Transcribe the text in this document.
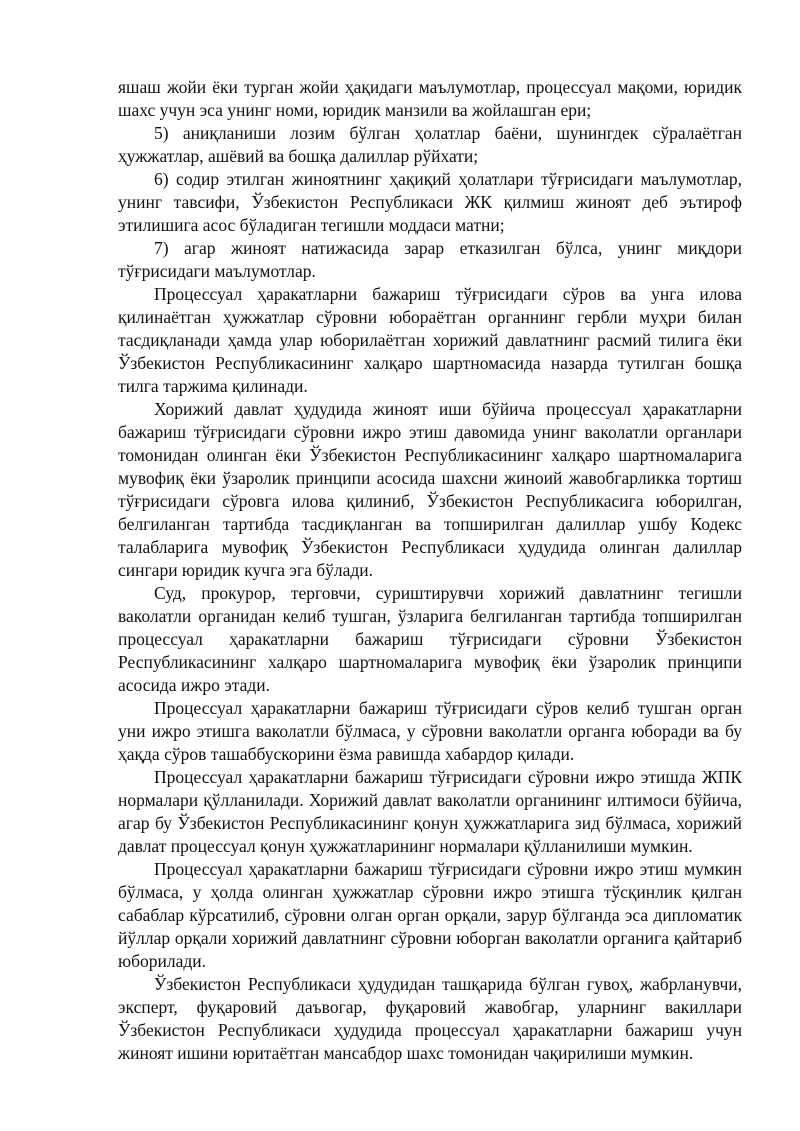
яшаш жойи ёки турган жойи ҳақидаги маълумотлар, процессуал мақоми, юридик шахс учун эса унинг номи, юридик манзили ва жойлашган ери;

5) аниқланиши лозим бўлган ҳолатлар баёни, шунингдек сўралаётган ҳужжатлар, ашёвий ва бошқа далиллар рўйхати;

6) содир этилган жиноятнинг ҳақиқий ҳолатлари тўғрисидаги маълумотлар, унинг тавсифи, Ўзбекистон Республикаси ЖК қилмиш жиноят деб эътироф этилишига асос бўладиган тегишли моддаси матни;

7) агар жиноят натижасида зарар етказилган бўлса, унинг миқдори тўғрисидаги маълумотлар.

Процессуал ҳаракатларни бажариш тўғрисидаги сўров ва унга илова қилинаётган ҳужжатлар сўровни юбораётган органнинг гербли муҳри билан тасдиқланади ҳамда улар юборилаётган хорижий давлатнинг расмий тилига ёки Ўзбекистон Республикасининг халқаро шартномасида назарда тутилган бошқа тилга таржима қилинади.

Хорижий давлат ҳудудида жиноят иши бўйича процессуал ҳаракатларни бажариш тўғрисидаги сўровни ижро этиш давомида унинг ваколатли органлари томонидан олинган ёки Ўзбекистон Республикасининг халқаро шартномаларига мувофиқ ёки ўзаролик принципи асосида шахсни жиноий жавобгарликка тортиш тўғрисидаги сўровга илова қилиниб, Ўзбекистон Республикасига юборилган, белгиланган тартибда тасдиқланган ва топширилган далиллар ушбу Кодекс талабларига мувофиқ Ўзбекистон Республикаси ҳудудида олинган далиллар сингари юридик кучга эга бўлади.

Суд, прокурор, терговчи, суриштирувчи хорижий давлатнинг тегишли ваколатли органидан келиб тушган, ўзларига белгиланган тартибда топширилган процессуал ҳаракатларни бажариш тўғрисидаги сўровни Ўзбекистон Республикасининг халқаро шартномаларига мувофиқ ёки ўзаролик принципи асосида ижро этади.

Процессуал ҳаракатларни бажариш тўғрисидаги сўров келиб тушган орган уни ижро этишга ваколатли бўлмаса, у сўровни ваколатли органга юборади ва бу ҳақда сўров ташаббускорини ёзма равишда хабардор қилади.

Процессуал ҳаракатларни бажариш тўғрисидаги сўровни ижро этишда ЖПК нормалари қўлланилади. Хорижий давлат ваколатли органининг илтимоси бўйича, агар бу Ўзбекистон Республикасининг қонун ҳужжатларига зид бўлмаса, хорижий давлат процессуал қонун ҳужжатларининг нормалари қўлланилиши мумкин.

Процессуал ҳаракатларни бажариш тўғрисидаги сўровни ижро этиш мумкин бўлмаса, у ҳолда олинган ҳужжатлар сўровни ижро этишга тўсқинлик қилган сабаблар кўрсатилиб, сўровни олган орган орқали, зарур бўлганда эса дипломатик йўллар орқали хорижий давлатнинг сўровни юборган ваколатли органига қайтариб юборилади.

Ўзбекистон Республикаси ҳудудидан ташқарида бўлган гувоҳ, жабрланувчи, эксперт, фуқаровий даъвогар, фуқаровий жавобгар, уларнинг вакиллари Ўзбекистон Республикаси ҳудудида процессуал ҳаракатларни бажариш учун жиноят ишини юритаётган мансабдор шахс томонидан чақирилиши мумкин.
